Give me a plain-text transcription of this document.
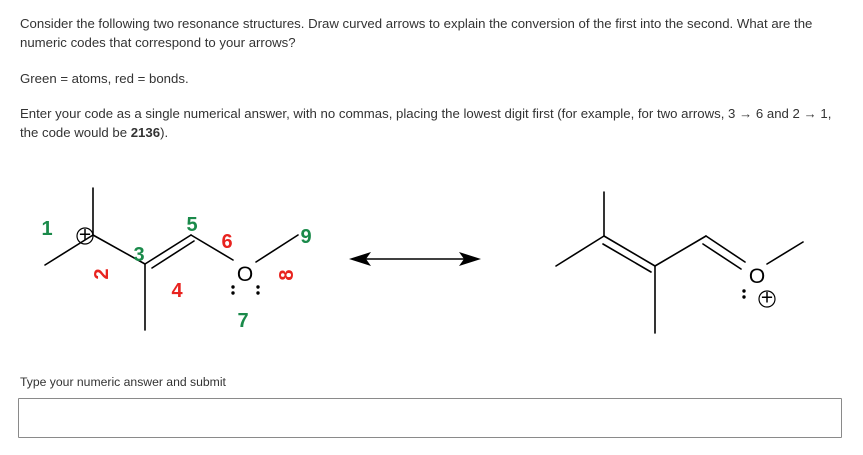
Consider the following two resonance structures. Draw curved arrows to explain the conversion of the first into the second. What are the numeric codes that correspond to your arrows?
Green = atoms, red = bonds.
Enter your code as a single numerical answer, with no commas, placing the lowest digit first (for example, for two arrows, 3 → 6 and 2 → 1, the code would be 2136).
+
O
1
3
5
7
9
2
4
6
8	O
+
Type your numeric answer and submit
